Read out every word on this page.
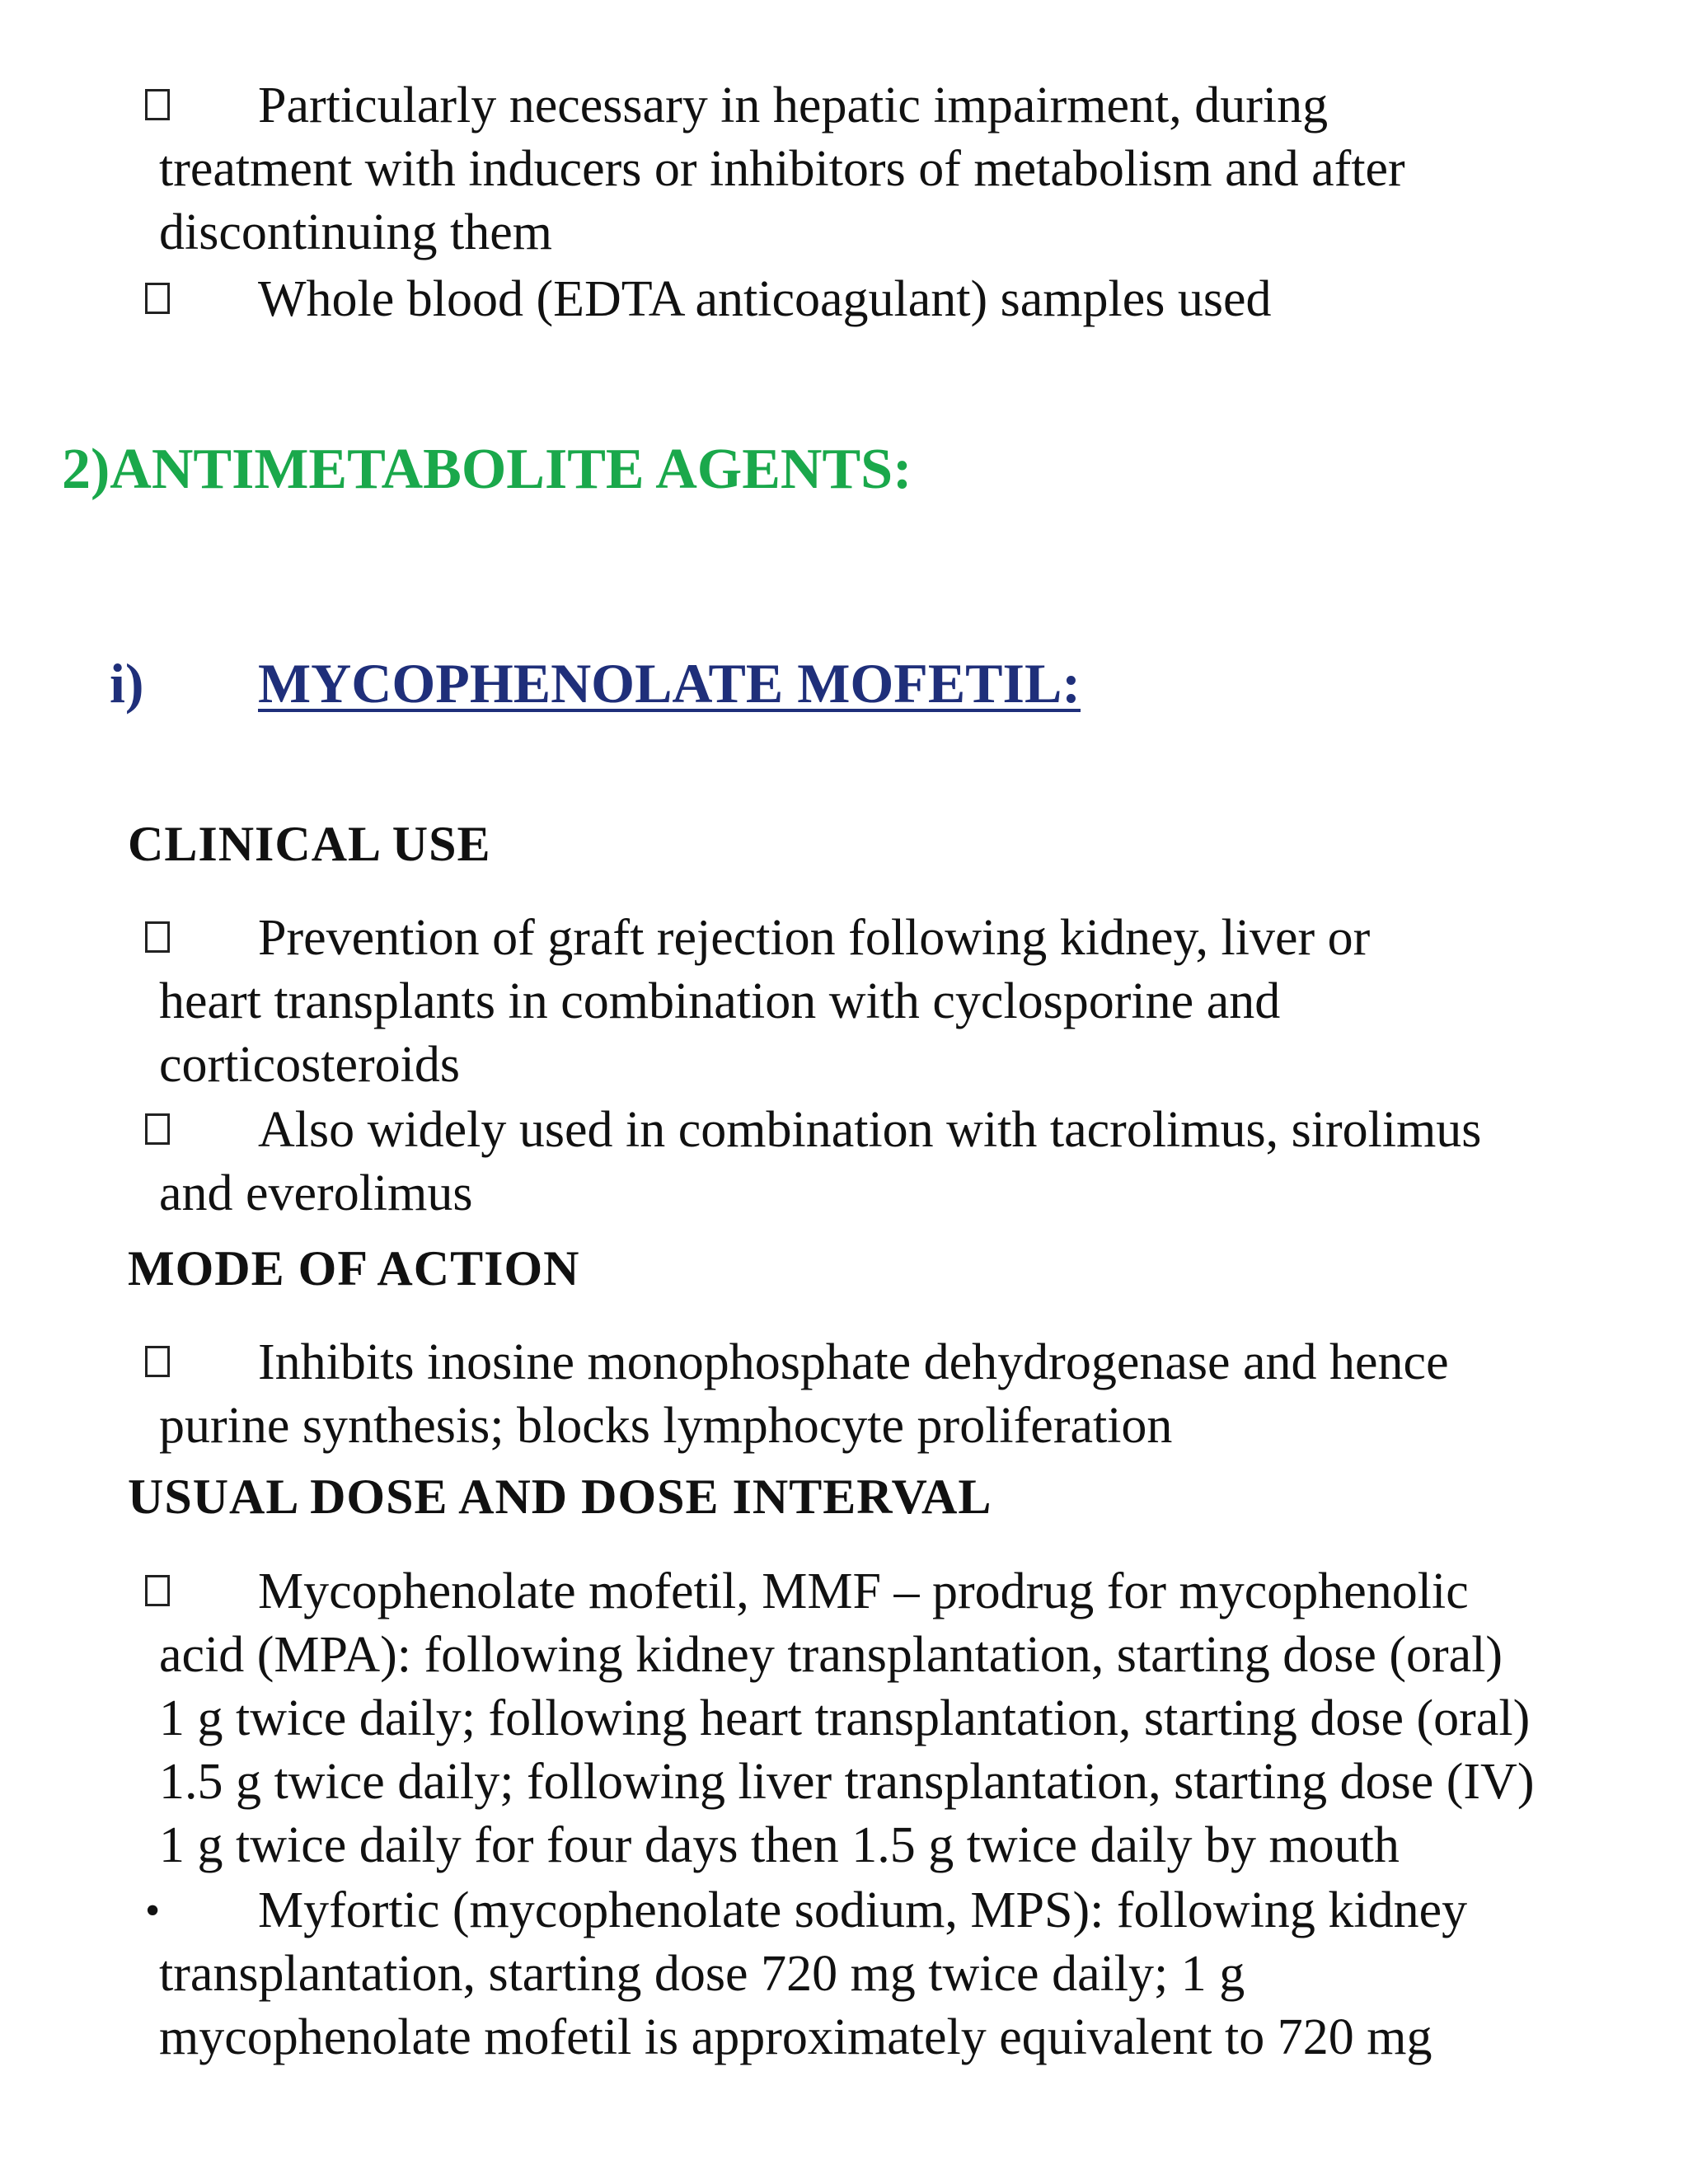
Particularly necessary in hepatic impairment, during
treatment with inducers or inhibitors of metabolism and after
discontinuing them
Whole blood (EDTA anticoagulant) samples used
2)ANTIMETABOLITE AGENTS:
i) MYCOPHENOLATE MOFETIL:
CLINICAL USE
Prevention of graft rejection following kidney, liver or
heart transplants in combination with cyclosporine and
corticosteroids
Also widely used in combination with tacrolimus, sirolimus
and everolimus
MODE OF ACTION
Inhibits inosine monophosphate dehydrogenase and hence
purine synthesis; blocks lymphocyte proliferation
USUAL DOSE AND DOSE INTERVAL
Mycophenolate mofetil, MMF – prodrug for mycophenolic
acid (MPA): following kidney transplantation, starting dose (oral)
1 g twice daily; following heart transplantation, starting dose (oral)
1.5 g twice daily; following liver transplantation, starting dose (IV)
1 g twice daily for four days then 1.5 g twice daily by mouth
• Myfortic (mycophenolate sodium, MPS): following kidney
transplantation, starting dose 720 mg twice daily; 1 g
mycophenolate mofetil is approximately equivalent to 720 mg
